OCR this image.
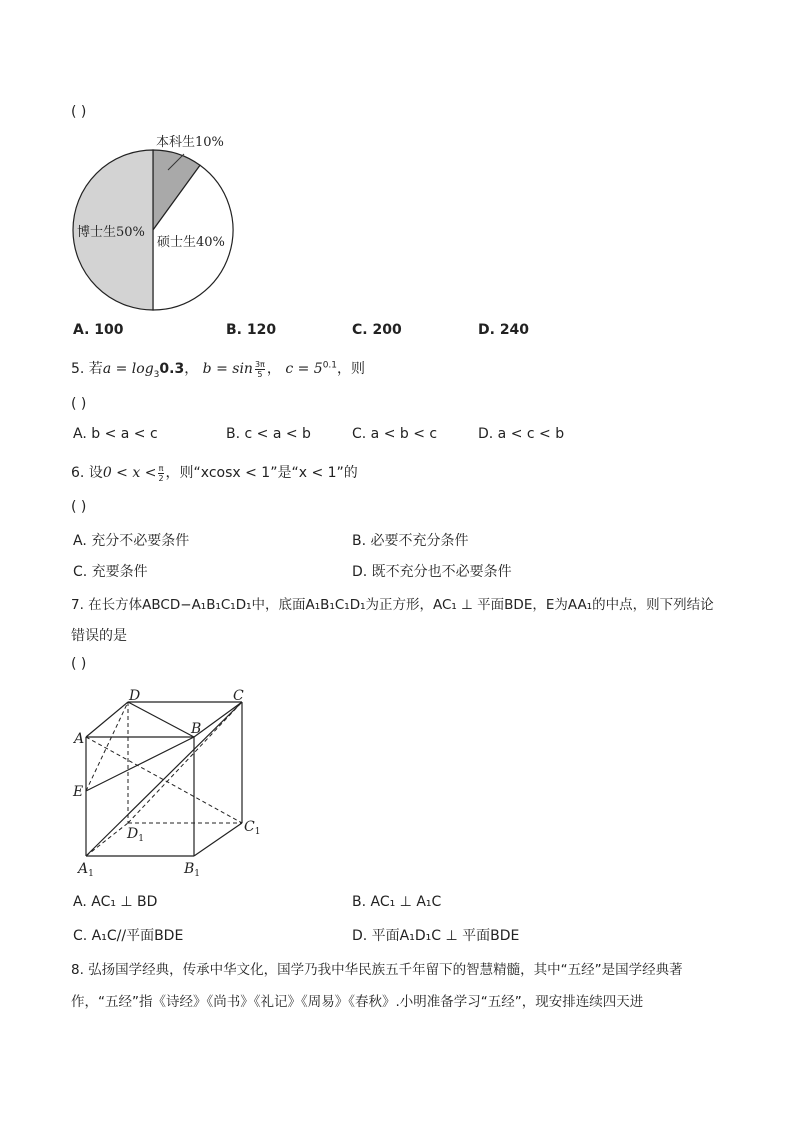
( )
本科生10%
硕士生40%
博士生50%
A. 100	B. 120	C. 200	D. 240
5. 若$a = \log_30.3$， $b = \sin \frac{3\pi}{5}$ ， $c = 5^{0.1}$，则
( )
A. b < a < c	B. c < a < b	C. a < b < c	D. a < c < b
6. 设$0 < x < \frac{\pi}{2}$ ，则“xcosx < 1”是“x < 1”的
( )
A. 充分不必要条件	B. 必要不充分条件
C. 充要条件	D. 既不充分也不必要条件
7. 在长方体ABCD−A₁B₁C₁D₁中，底面A₁B₁C₁D₁为正方形，AC₁ ⊥ 平面BDE，E为AA₁的中点，则下列结论
错误的是
( )
D	C
A
B
E
$D_1$
$C_1$
$A_1$	$B_1$
A. AC₁ ⊥ BD	B. AC₁ ⊥ A₁C
C. A₁C//平面BDE	D. 平面A₁D₁C ⊥ 平面BDE
8. 弘扬国学经典，传承中华文化，国学乃我中华民族五千年留下的智慧精髓，其中“五经”是国学经典著
作，“五经”指《诗经》《尚书》《礼记》《周易》《春秋》.小明准备学习“五经”，现安排连续四天进
